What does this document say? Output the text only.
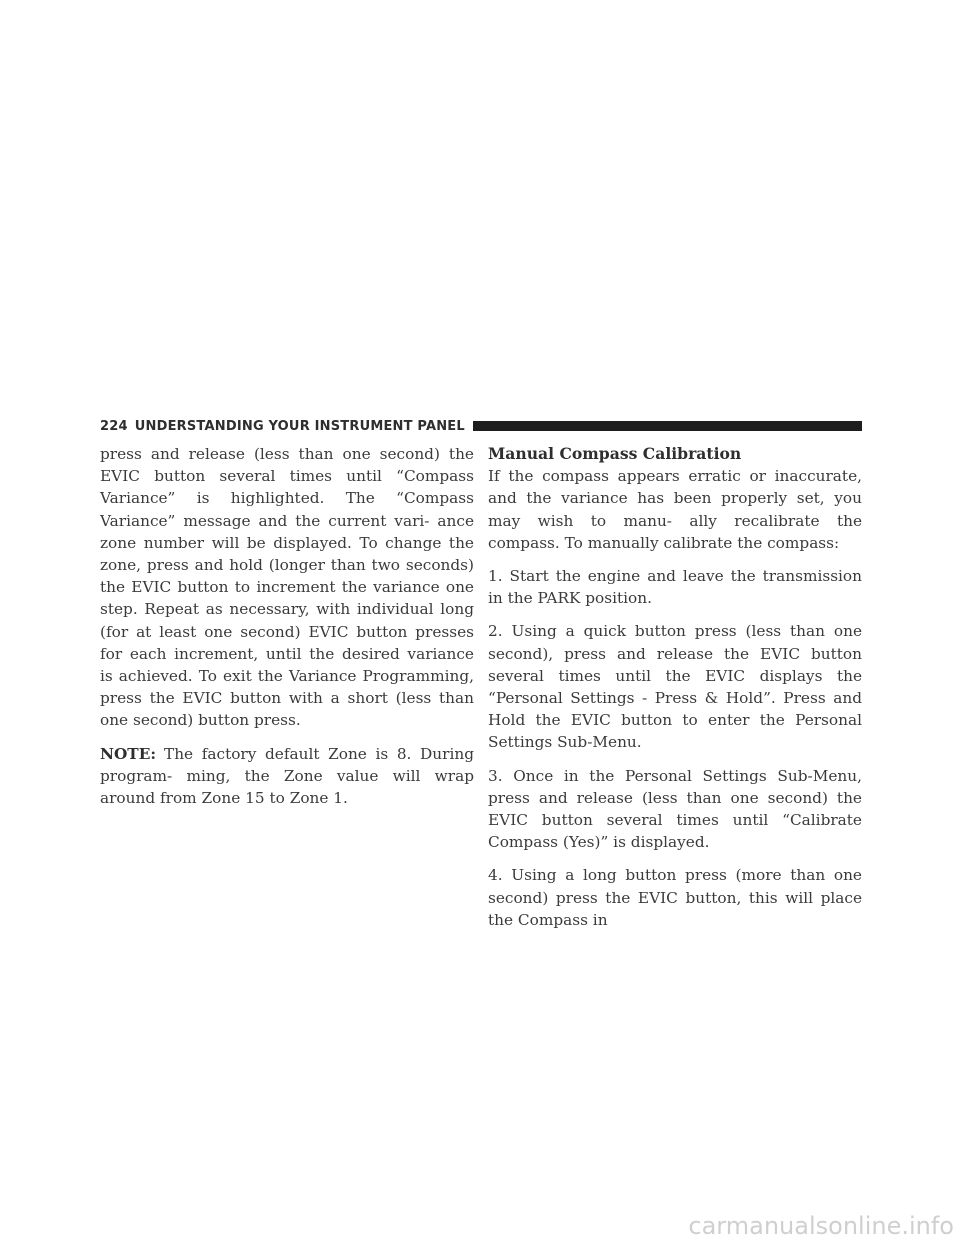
224 UNDERSTANDING YOUR INSTRUMENT PANEL

press and release (less than one second) the EVIC button several times until “Compass Variance” is highlighted. The “Compass Variance” message and the current vari- ance zone number will be displayed. To change the zone, press and hold (longer than two seconds) the EVIC button to increment the variance one step. Repeat as necessary, with individual long (for at least one second) EVIC button presses for each increment, until the desired variance is achieved. To exit the Variance Programming, press the EVIC button with a short (less than one second) button press.

NOTE: The factory default Zone is 8. During program- ming, the Zone value will wrap around from Zone 15 to Zone 1.

Manual Compass Calibration

If the compass appears erratic or inaccurate, and the variance has been properly set, you may wish to manu- ally recalibrate the compass. To manually calibrate the compass:

1. Start the engine and leave the transmission in the PARK position.

2. Using a quick button press (less than one second), press and release the EVIC button several times until the EVIC displays the “Personal Settings - Press & Hold”. Press and Hold the EVIC button to enter the Personal Settings Sub-Menu.

3. Once in the Personal Settings Sub-Menu, press and release (less than one second) the EVIC button several times until “Calibrate Compass (Yes)” is displayed.

4. Using a long button press (more than one second) press the EVIC button, this will place the Compass in

carmanualsonline.info
